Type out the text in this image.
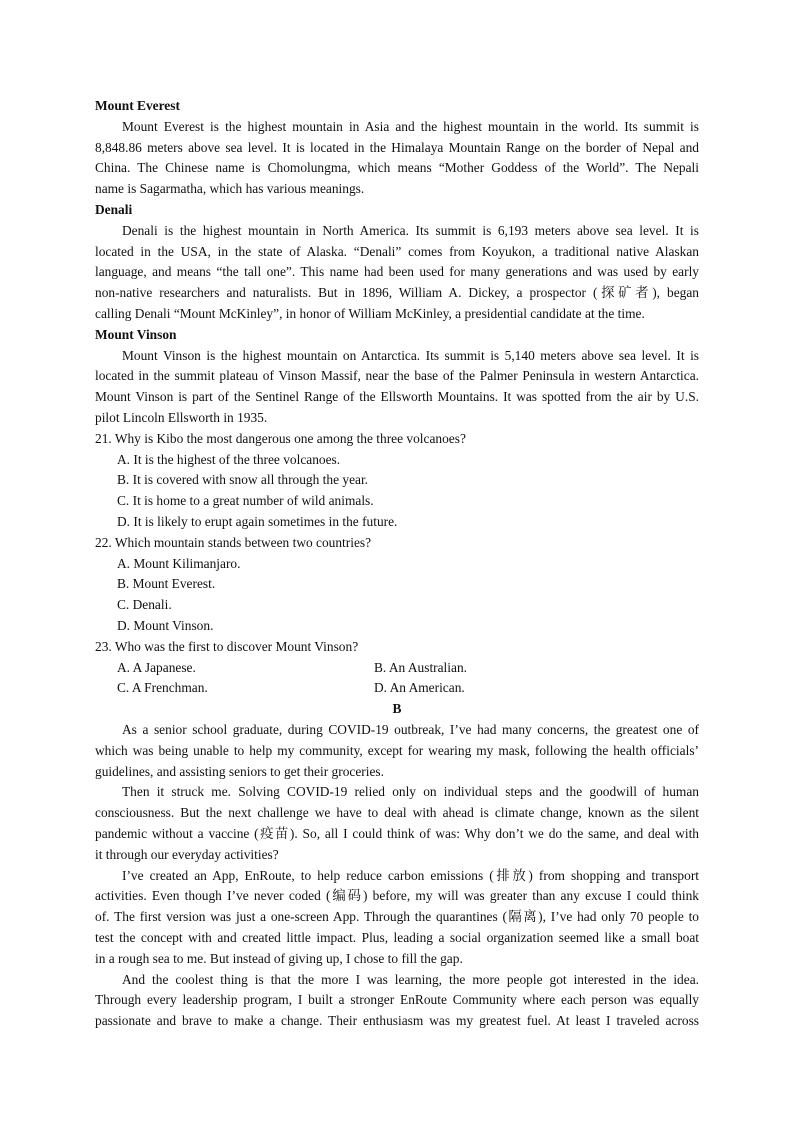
Mount Everest
Mount Everest is the highest mountain in Asia and the highest mountain in the world. Its summit is
8,848.86 meters above sea level. It is located in the Himalaya Mountain Range on the border of Nepal and
China. The Chinese name is Chomolungma, which means “Mother Goddess of the World”. The Nepali
name is Sagarmatha, which has various meanings.
Denali
Denali is the highest mountain in North America. Its summit is 6,193 meters above sea level. It is
located in the USA, in the state of Alaska. “Denali” comes from Koyukon, a traditional native Alaskan
language, and means “the tall one”. This name had been used for many generations and was used by early
non-native researchers and naturalists. But in 1896, William A. Dickey, a prospector (探矿者), began
calling Denali “Mount McKinley”, in honor of William McKinley, a presidential candidate at the time.
Mount Vinson
Mount Vinson is the highest mountain on Antarctica. Its summit is 5,140 meters above sea level. It is
located in the summit plateau of Vinson Massif, near the base of the Palmer Peninsula in western Antarctica.
Mount Vinson is part of the Sentinel Range of the Ellsworth Mountains. It was spotted from the air by U.S.
pilot Lincoln Ellsworth in 1935.
21. Why is Kibo the most dangerous one among the three volcanoes?
A. It is the highest of the three volcanoes.
B. It is covered with snow all through the year.
C. It is home to a great number of wild animals.
D. It is likely to erupt again sometimes in the future.
22. Which mountain stands between two countries?
A. Mount Kilimanjaro.
B. Mount Everest.
C. Denali.
D. Mount Vinson.
23. Who was the first to discover Mount Vinson?
A. A Japanese.	B. An Australian.
C. A Frenchman.	D. An American.
B
As a senior school graduate, during COVID-19 outbreak, I’ve had many concerns, the greatest one of
which was being unable to help my community, except for wearing my mask, following the health officials’
guidelines, and assisting seniors to get their groceries.
Then it struck me. Solving COVID-19 relied only on individual steps and the goodwill of human
consciousness. But the next challenge we have to deal with ahead is climate change, known as the silent
pandemic without a vaccine (疫苗). So, all I could think of was: Why don’t we do the same, and deal with
it through our everyday activities?
I’ve created an App, EnRoute, to help reduce carbon emissions (排放) from shopping and transport
activities. Even though I’ve never coded (编码) before, my will was greater than any excuse I could think
of. The first version was just a one-screen App. Through the quarantines (隔离), I’ve had only 70 people to
test the concept with and created little impact. Plus, leading a social organization seemed like a small boat
in a rough sea to me. But instead of giving up, I chose to fill the gap.
And the coolest thing is that the more I was learning, the more people got interested in the idea.
Through every leadership program, I built a stronger EnRoute Community where each person was equally
passionate and brave to make a change. Their enthusiasm was my greatest fuel. At least I traveled across
